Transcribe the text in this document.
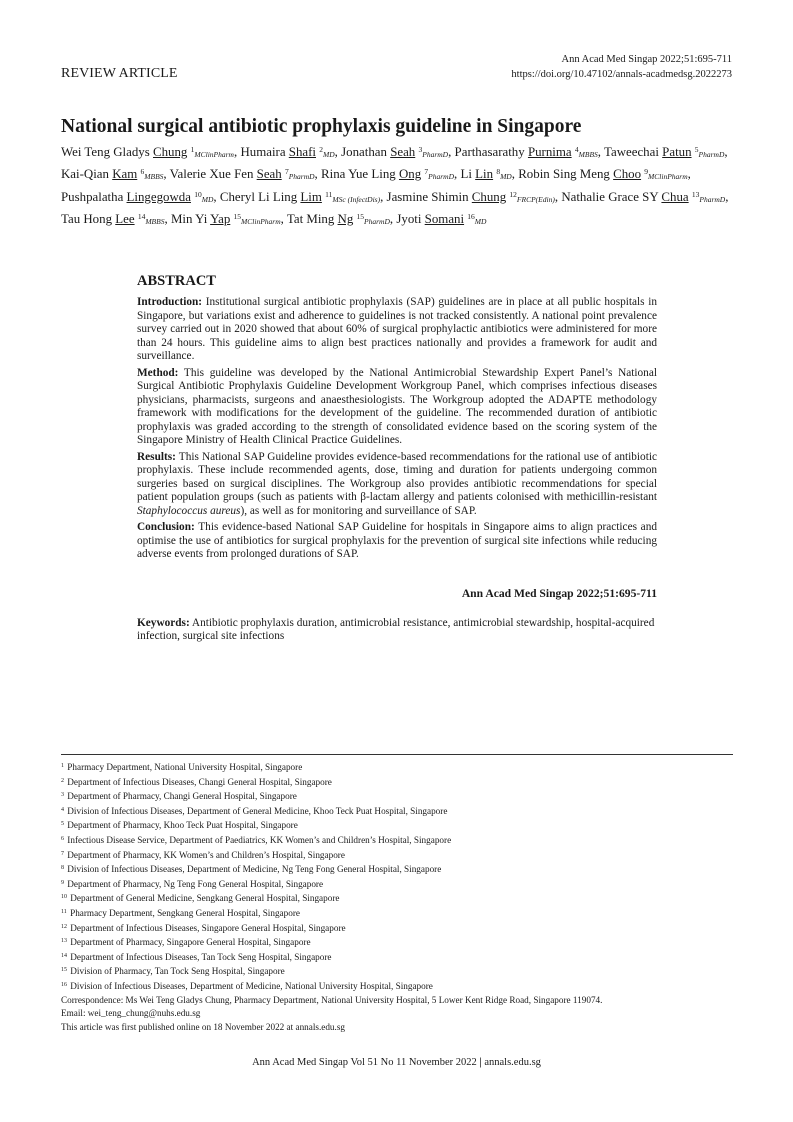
Ann Acad Med Singap 2022;51:695-711
https://doi.org/10.47102/annals-acadmedsg.2022273
REVIEW ARTICLE
National surgical antibiotic prophylaxis guideline in Singapore
Wei Teng Gladys Chung $^1_{MClinPharm}$, Humaira Shafi $^2_{MD}$, Jonathan Seah $^3_{PharmD}$, Parthasarathy Purnima $^4_{MBBS}$, Taweechai Patun $^5_{PharmD}$, Kai-Qian Kam $^6_{MBBS}$, Valerie Xue Fen Seah $^7_{PharmD}$, Rina Yue Ling Ong $^7_{PharmD}$, Li Lin $^8_{MD}$, Robin Sing Meng Choo $^9_{MClinPharm}$, Pushpalatha Lingegowda $^{10}_{MD}$, Cheryl Li Ling Lim $^{11}_{MSc (InfectDis)}$, Jasmine Shimin Chung $^{12}_{FRCP(Edin)}$, Nathalie Grace SY Chua $^{13}_{PharmD}$, Tau Hong Lee $^{14}_{MBBS}$, Min Yi Yap $^{15}_{MClinPharm}$, Tat Ming Ng $^{15}_{PharmD}$, Jyoti Somani $^{16}_{MD}$
ABSTRACT

Introduction: Institutional surgical antibiotic prophylaxis (SAP) guidelines are in place at all public hospitals in Singapore, but variations exist and adherence to guidelines is not tracked consistently. A national point prevalence survey carried out in 2020 showed that about 60% of surgical prophylactic antibiotics were administered for more than 24 hours. This guideline aims to align best practices nationally and provides a framework for audit and surveillance.

Method: This guideline was developed by the National Antimicrobial Stewardship Expert Panel’s National Surgical Antibiotic Prophylaxis Guideline Development Workgroup Panel, which comprises infectious diseases physicians, pharmacists, surgeons and anaesthesiologists. The Workgroup adopted the ADAPTE methodology framework with modifications for the development of the guideline. The recommended duration of antibiotic prophylaxis was graded according to the strength of consolidated evidence based on the scoring system of the Singapore Ministry of Health Clinical Practice Guidelines.

Results: This National SAP Guideline provides evidence-based recommendations for the rational use of antibiotic prophylaxis. These include recommended agents, dose, timing and duration for patients undergoing common surgeries based on surgical disciplines. The Workgroup also provides antibiotic recommendations for special patient population groups (such as patients with β-lactam allergy and patients colonised with methicillin-resistant Staphylococcus aureus), as well as for monitoring and surveillance of SAP.

Conclusion: This evidence-based National SAP Guideline for hospitals in Singapore aims to align practices and optimise the use of antibiotics for surgical prophylaxis for the prevention of surgical site infections while reducing adverse events from prolonged durations of SAP.

Ann Acad Med Singap 2022;51:695-711

Keywords: Antibiotic prophylaxis duration, antimicrobial resistance, antimicrobial stewardship, hospital-acquired infection, surgical site infections

$^1$ Pharmacy Department, National University Hospital, Singapore
$^2$ Department of Infectious Diseases, Changi General Hospital, Singapore
$^3$ Department of Pharmacy, Changi General Hospital, Singapore
$^4$ Division of Infectious Diseases, Department of General Medicine, Khoo Teck Puat Hospital, Singapore
$^5$ Department of Pharmacy, Khoo Teck Puat Hospital, Singapore
$^6$ Infectious Disease Service, Department of Paediatrics, KK Women’s and Children’s Hospital, Singapore
$^7$ Department of Pharmacy, KK Women’s and Children’s Hospital, Singapore
$^8$ Division of Infectious Diseases, Department of Medicine, Ng Teng Fong General Hospital, Singapore
$^9$ Department of Pharmacy, Ng Teng Fong General Hospital, Singapore
$^{10}$ Department of General Medicine, Sengkang General Hospital, Singapore
$^{11}$ Pharmacy Department, Sengkang General Hospital, Singapore
$^{12}$ Department of Infectious Diseases, Singapore General Hospital, Singapore
$^{13}$ Department of Pharmacy, Singapore General Hospital, Singapore
$^{14}$ Department of Infectious Diseases, Tan Tock Seng Hospital, Singapore
$^{15}$ Division of Pharmacy, Tan Tock Seng Hospital, Singapore
$^{16}$ Division of Infectious Diseases, Department of Medicine, National University Hospital, Singapore
Correspondence: Ms Wei Teng Gladys Chung, Pharmacy Department, National University Hospital, 5 Lower Kent Ridge Road, Singapore 119074.
Email: wei_teng_chung@nuhs.edu.sg
This article was first published online on 18 November 2022 at annals.edu.sg
Ann Acad Med Singap Vol 51 No 11 November 2022 | annals.edu.sg
